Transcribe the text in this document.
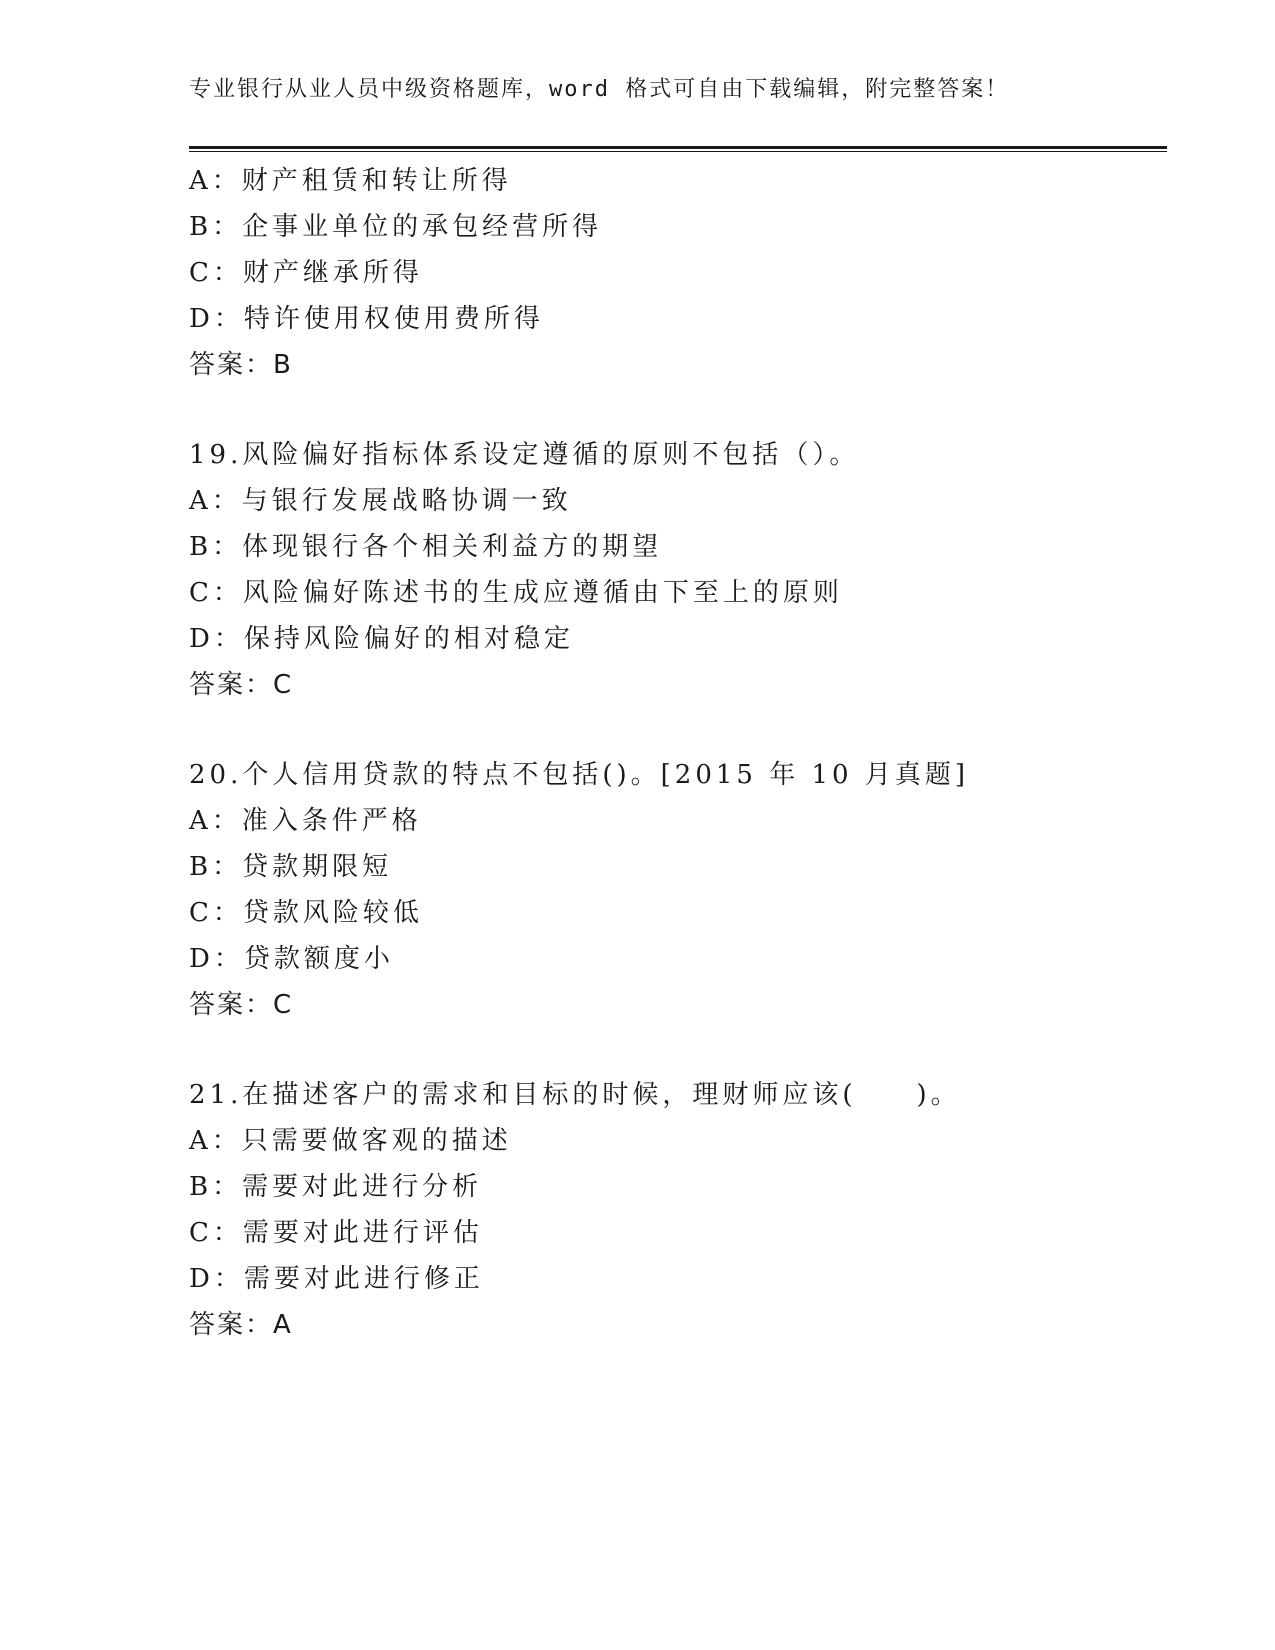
专业银行从业人员中级资格题库，word 格式可自由下载编辑，附完整答案！
A：财产租赁和转让所得
B：企事业单位的承包经营所得
C：财产继承所得
D：特许使用权使用费所得
答案：B
19.风险偏好指标体系设定遵循的原则不包括（）。
A：与银行发展战略协调一致
B：体现银行各个相关利益方的期望
C：风险偏好陈述书的生成应遵循由下至上的原则
D：保持风险偏好的相对稳定
答案：C
20.个人信用贷款的特点不包括()。[2015 年 10 月真题]
A：准入条件严格
B：贷款期限短
C：贷款风险较低
D：贷款额度小
答案：C
21.在描述客户的需求和目标的时候，理财师应该(　　)。
A：只需要做客观的描述
B：需要对此进行分析
C：需要对此进行评估
D：需要对此进行修正
答案：A
